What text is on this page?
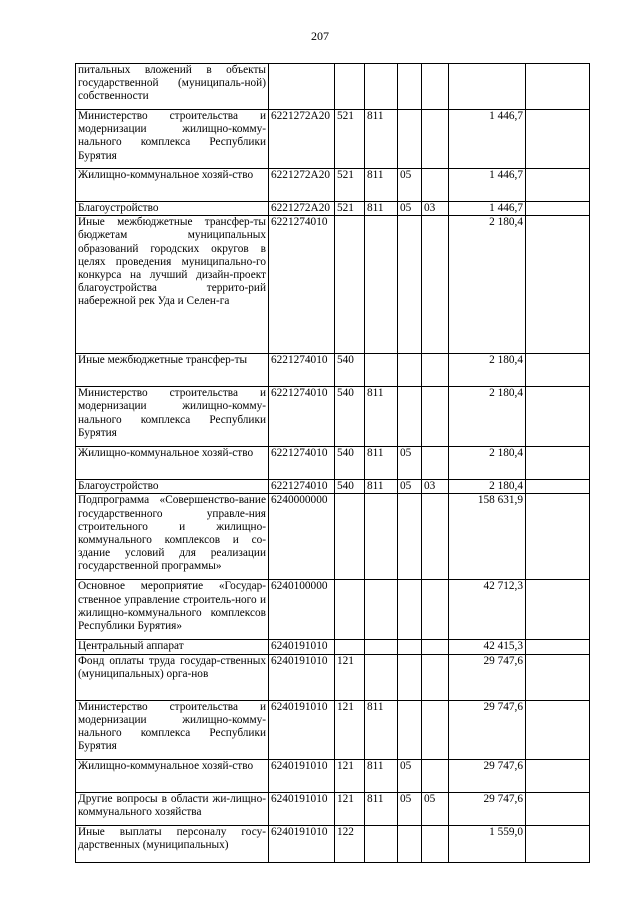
207
питальных вложений в объекты государственной (муниципаль-ной) собственности							
Министерство строительства и модернизации жилищно-комму-нального комплекса Республики Бурятия	6221272A20	521	811			1 446,7	
Жилищно-коммунальное хозяй-ство	6221272A20	521	811	05		1 446,7	
Благоустройство	6221272A20	521	811	05	03	1 446,7	
Иные межбюджетные трансфер-ты бюджетам муниципальных образований городских округов в целях проведения муниципально-го конкурса на лучший дизайн-проект благоустройства террито-рий набережной рек Уда и Селен-га	6221274010					2 180,4	
Иные межбюджетные трансфер-ты	6221274010	540				2 180,4	
Министерство строительства и модернизации жилищно-комму-нального комплекса Республики Бурятия	6221274010	540	811			2 180,4	
Жилищно-коммунальное хозяй-ство	6221274010	540	811	05		2 180,4	
Благоустройство	6221274010	540	811	05	03	2 180,4	
Подпрограмма «Совершенство-вание государственного управле-ния строительного и жилищно-коммунального комплексов и со-здание условий для реализации государственной программы»	6240000000					158 631,9	
Основное мероприятие «Государ-ственное управление строитель-ного и жилищно-коммунального комплексов Республики Бурятия»	6240100000					42 712,3	
Центральный аппарат	6240191010					42 415,3	
Фонд оплаты труда государ-ственных (муниципальных) орга-нов	6240191010	121				29 747,6	
Министерство строительства и модернизации жилищно-комму-нального комплекса Республики Бурятия	6240191010	121	811			29 747,6	
Жилищно-коммунальное хозяй-ство	6240191010	121	811	05		29 747,6	
Другие вопросы в области жи-лищно-коммунального хозяйства	6240191010	121	811	05	05	29 747,6	
Иные выплаты персоналу госу-дарственных (муниципальных)	6240191010	122				1 559,0	
